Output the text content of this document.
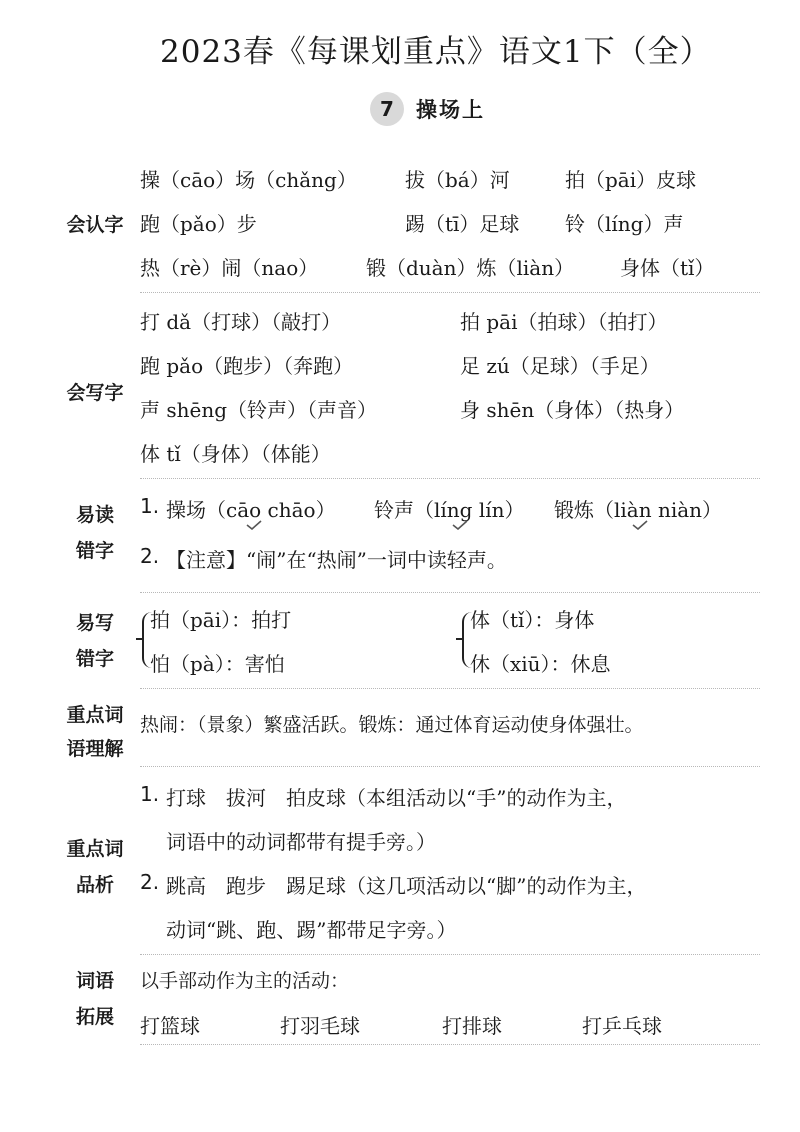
2023春《每课划重点》语文1下（全）
7	操场上
会认字
操（cāo）场（chǎng） 拔（bá）河	拍（pāi）皮球
跑（pǎo）步	踢（tī）足球 铃（líng）声
热（rè）闹（nao） 锻（duàn）炼（liàn） 身体（tǐ）
会写字
打 dǎ（打球）（敲打）	拍 pāi（拍球）（拍打）
跑 pǎo（跑步）（奔跑）	足 zú（足球）（手足）
声 shēng（铃声）（声音）	身 shēn（身体）（热身）
体 tǐ（身体）（体能）
易读
错字
1. 操场（cāo chāo） 铃声（líng lín） 锻炼（liàn niàn）
2. 【注意】“闹”在“热闹”一词中读轻声。
易写
错字
拍（pāi）：拍打
怕（pà）：害怕
体（tǐ）：身体
休（xiū）：休息
重点词
语理解
热闹：（景象）繁盛活跃。锻炼：通过体育运动使身体强壮。
重点词
品析
1. 打球　拔河　拍皮球（本组活动以“手”的动作为主，
词语中的动词都带有提手旁。）
2. 跳高　跑步　踢足球（这几项活动以“脚”的动作为主，
动词“跳、跑、踢”都带足字旁。）
词语
拓展
以手部动作为主的活动：
打篮球	打羽毛球	打排球	打乒乓球
